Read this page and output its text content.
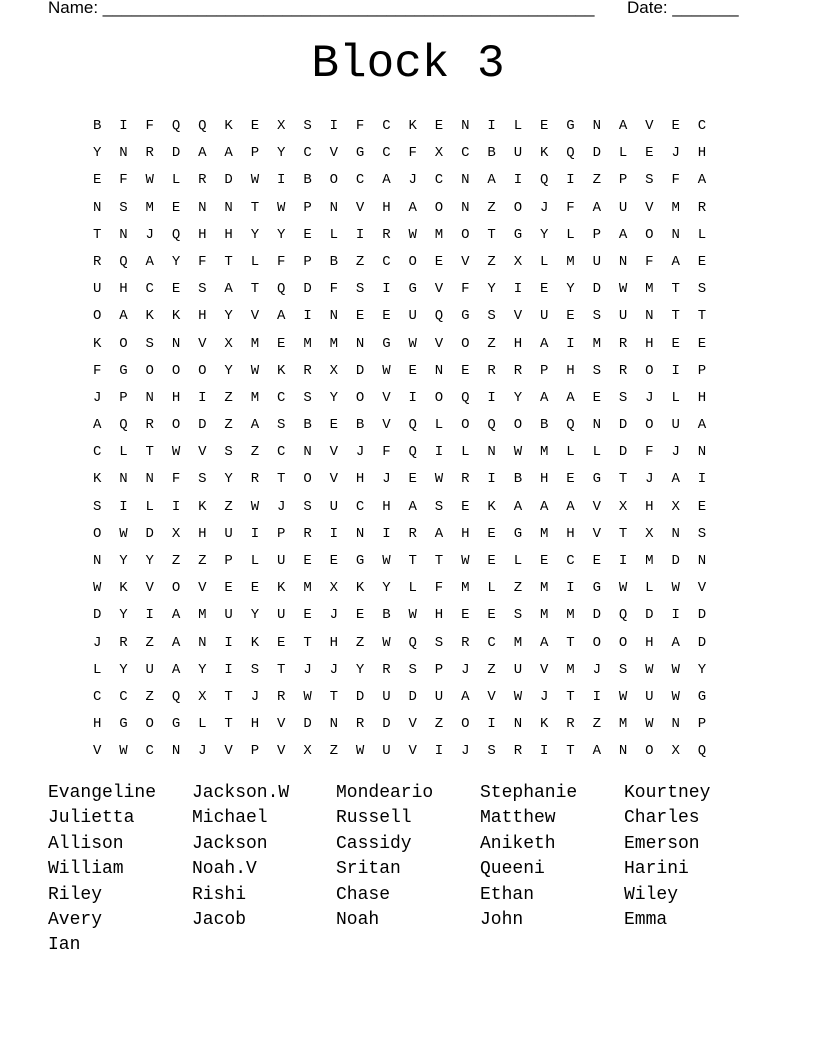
Name: ____________________________________________________ Date: _______
Block 3
B	I	F	Q	Q	K	E	X	S	I	F	C	K	E	N	I	L	E	G	N	A	V	E	C
Y	N	R	D	A	A	P	Y	C	V	G	C	F	X	C	B	U	K	Q	D	L	E	J	H
E	F	W	L	R	D	W	I	B	O	C	A	J	C	N	A	I	Q	I	Z	P	S	F	A
N	S	M	E	N	N	T	W	P	N	V	H	A	O	N	Z	O	J	F	A	U	V	M	R
T	N	J	Q	H	H	Y	Y	E	L	I	R	W	M	O	T	G	Y	L	P	A	O	N	L
R	Q	A	Y	F	T	L	F	P	B	Z	C	O	E	V	Z	X	L	M	U	N	F	A	E
U	H	C	E	S	A	T	Q	D	F	S	I	G	V	F	Y	I	E	Y	D	W	M	T	S
O	A	K	K	H	Y	V	A	I	N	E	E	U	Q	G	S	V	U	E	S	U	N	T	T
K	O	S	N	V	X	M	E	M	M	N	G	W	V	O	Z	H	A	I	M	R	H	E	E
F	G	O	O	O	Y	W	K	R	X	D	W	E	N	E	R	R	P	H	S	R	O	I	P
J	P	N	H	I	Z	M	C	S	Y	O	V	I	O	Q	I	Y	A	A	E	S	J	L	H
A	Q	R	O	D	Z	A	S	B	E	B	V	Q	L	O	Q	O	B	Q	N	D	O	U	A
C	L	T	W	V	S	Z	C	N	V	J	F	Q	I	L	N	W	M	L	L	D	F	J	N
K	N	N	F	S	Y	R	T	O	V	H	J	E	W	R	I	B	H	E	G	T	J	A	I
S	I	L	I	K	Z	W	J	S	U	C	H	A	S	E	K	A	A	A	V	X	H	X	E
O	W	D	X	H	U	I	P	R	I	N	I	R	A	H	E	G	M	H	V	T	X	N	S
N	Y	Y	Z	Z	P	L	U	E	E	G	W	T	T	W	E	L	E	C	E	I	M	D	N
W	K	V	O	V	E	E	K	M	X	K	Y	L	F	M	L	Z	M	I	G	W	L	W	V
D	Y	I	A	M	U	Y	U	E	J	E	B	W	H	E	E	S	M	M	D	Q	D	I	D
J	R	Z	A	N	I	K	E	T	H	Z	W	Q	S	R	C	M	A	T	O	O	H	A	D
L	Y	U	A	Y	I	S	T	J	J	Y	R	S	P	J	Z	U	V	M	J	S	W	W	Y
C	C	Z	Q	X	T	J	R	W	T	D	U	D	U	A	V	W	J	T	I	W	U	W	G
H	G	O	G	L	T	H	V	D	N	R	D	V	Z	O	I	N	K	R	Z	M	W	N	P
V	W	C	N	J	V	P	V	X	Z	W	U	V	I	J	S	R	I	T	A	N	O	X	Q
Evangeline	Jackson.W	Mondeario	Stephanie	Kourtney
Julietta	Michael	Russell	Matthew	Charles
Allison	Jackson	Cassidy	Aniketh	Emerson
William	Noah.V	Sritan	Queeni	Harini
Riley	Rishi	Chase	Ethan	Wiley
Avery	Jacob	Noah	John	Emma
Ian
